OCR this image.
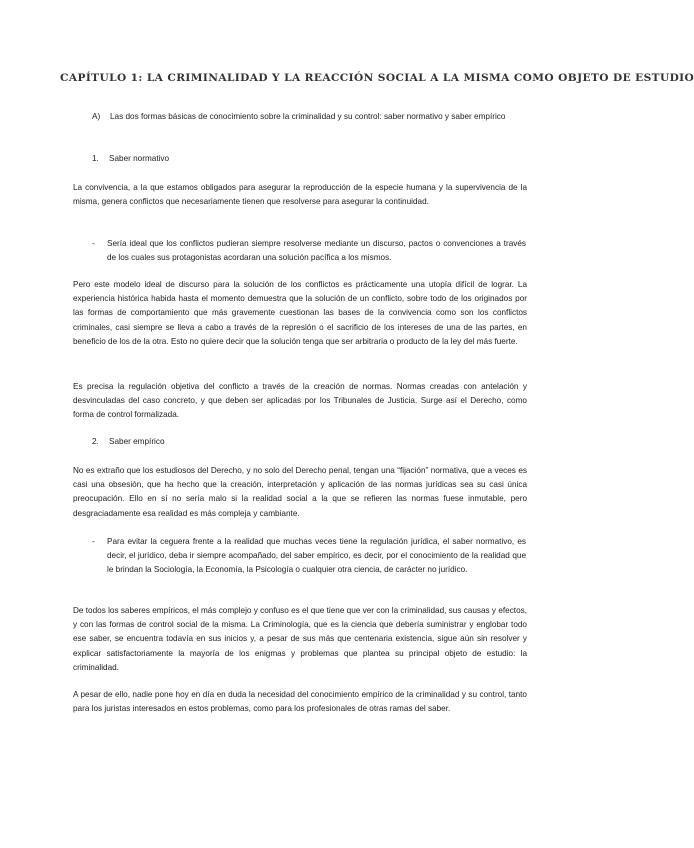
CAPÍTULO 1: LA CRIMINALIDAD Y LA REACCIÓN SOCIAL A LA MISMA COMO OBJETO DE ESTUDIO

A) Las dos formas básicas de conocimiento sobre la criminalidad y su control: saber normativo y saber empírico

1. Saber normativo

La convivencia, a la que estamos obligados para asegurar la reproducción de la especie humana y la supervivencia de la misma, genera conflictos que necesariamente tienen que resolverse para asegurar la continuidad.

- Sería ideal que los conflictos pudieran siempre resolverse mediante un discurso, pactos o convenciones a través de los cuales sus protagonistas acordaran una solución pacífica a los mismos.

Pero este modelo ideal de discurso para la solución de los conflictos es prácticamente una utopía difícil de lograr. La experiencia histórica habida hasta el momento demuestra que la solución de un conflicto, sobre todo de los originados por las formas de comportamiento que más gravemente cuestionan las bases de la convivencia como son los conflictos criminales, casi siempre se lleva a cabo a través de la represión o el sacrificio de los intereses de una de las partes, en beneficio de los de la otra. Esto no quiere decir que la solución tenga que ser arbitraria o producto de la ley del más fuerte.

Es precisa la regulación objetiva del conflicto a través de la creación de normas. Normas creadas con antelación y desvinculadas del caso concreto, y que deben ser aplicadas por los Tribunales de Justicia. Surge así el Derecho, como forma de control formalizada.

2. Saber empírico

No es extraño que los estudiosos del Derecho, y no solo del Derecho penal, tengan una “fijación” normativa, que a veces es casi una obsesión, que ha hecho que la creación, interpretación y aplicación de las normas jurídicas sea su casi única preocupación. Ello en sí no sería malo si la realidad social a la que se refieren las normas fuese inmutable, pero desgraciadamente esa realidad es más compleja y cambiante.

- Para evitar la ceguera frente a la realidad que muchas veces tiene la regulación jurídica, el saber normativo, es decir, el jurídico, deba ir siempre acompañado, del saber empírico, es decir, por el conocimiento de la realidad que le brindan la Sociología, la Economía, la Psicología o cualquier otra ciencia, de carácter no jurídico.

De todos los saberes empíricos, el más complejo y confuso es el que tiene que ver con la criminalidad, sus causas y efectos, y con las formas de control social de la misma. La Criminología, que es la ciencia que debería suministrar y englobar todo ese saber, se encuentra todavía en sus inicios y, a pesar de sus más que centenaria existencia, sigue aún sin resolver y explicar satisfactoriamente la mayoría de los enigmas y problemas que plantea su principal objeto de estudio: la criminalidad.

A pesar de ello, nadie pone hoy en día en duda la necesidad del conocimiento empírico de la criminalidad y su control, tanto para los juristas interesados en estos problemas, como para los profesionales de otras ramas del saber.
